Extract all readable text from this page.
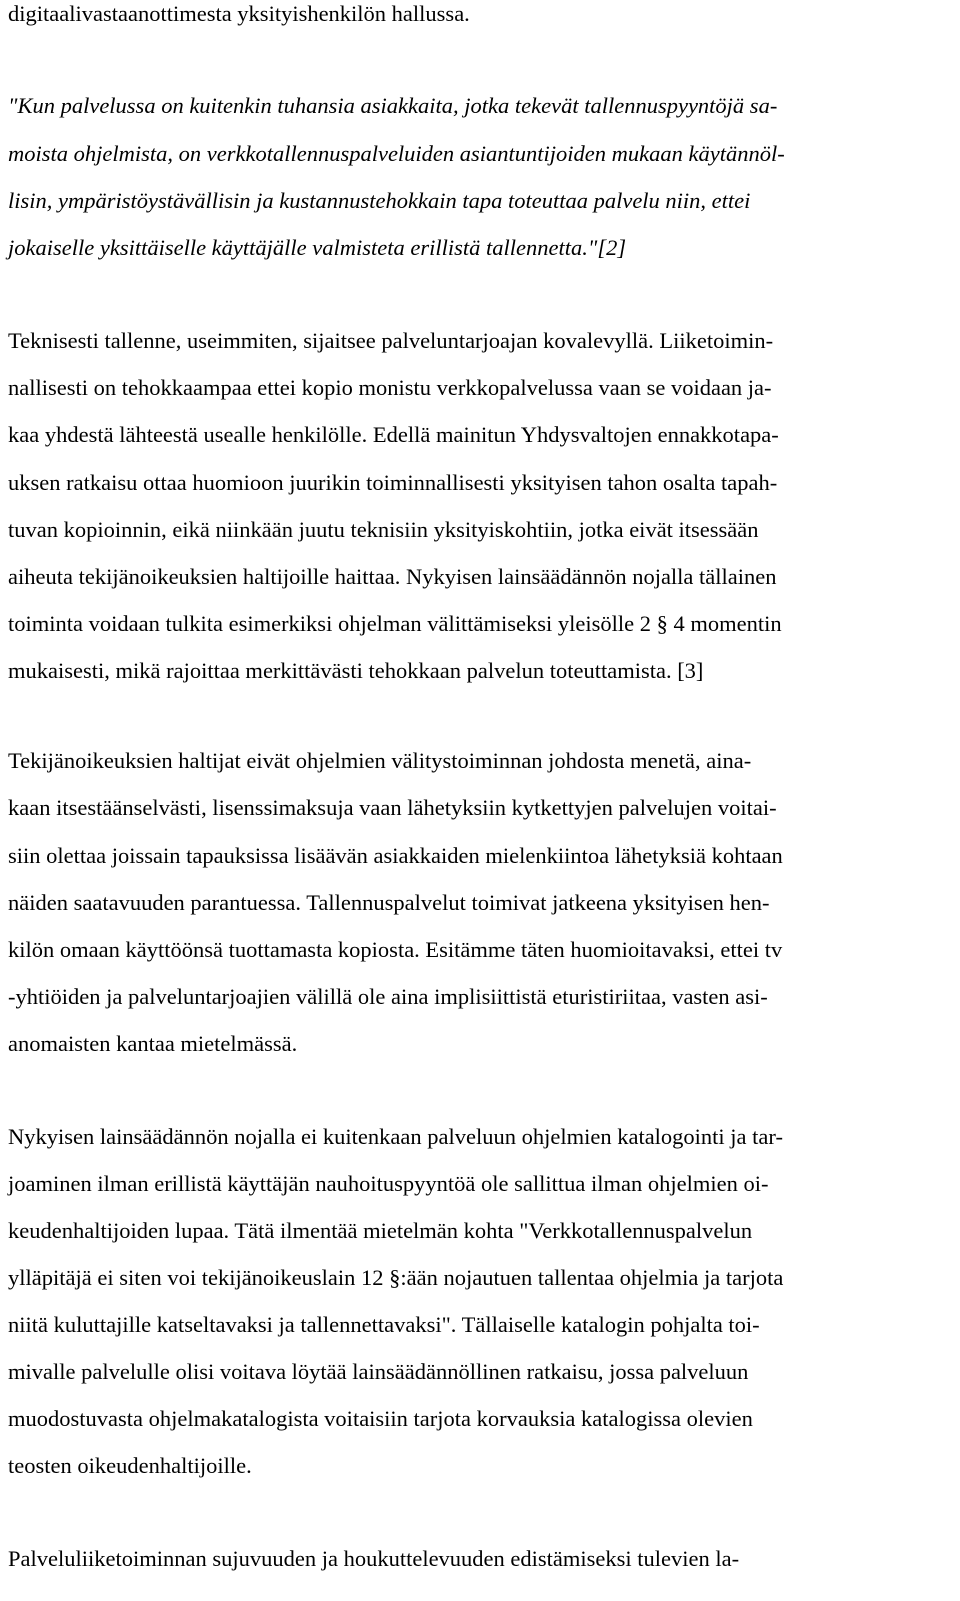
digitaalivastaanottimesta yksityishenkilön hallussa.
"Kun palvelussa on kuitenkin tuhansia asiakkaita, jotka tekevät tallennuspyyntöjä sa-
moista ohjelmista, on verkkotallennuspalveluiden asiantuntijoiden mukaan käytännöl-
lisin, ympäristöystävällisin ja kustannustehokkain tapa toteuttaa palvelu niin, ettei
jokaiselle yksittäiselle käyttäjälle valmisteta erillistä tallennetta."[2]
Teknisesti tallenne, useimmiten, sijaitsee palveluntarjoajan kovalevyllä. Liiketoimin-
nallisesti on tehokkaampaa ettei kopio monistu verkkopalvelussa vaan se voidaan ja-
kaa yhdestä lähteestä usealle henkilölle. Edellä mainitun Yhdysvaltojen ennakkotapa-
uksen ratkaisu ottaa huomioon juurikin toiminnallisesti yksityisen tahon osalta tapah-
tuvan kopioinnin, eikä niinkään juutu teknisiin yksityiskohtiin, jotka eivät itsessään
aiheuta tekijänoikeuksien haltijoille haittaa. Nykyisen lainsäädännön nojalla tällainen
toiminta voidaan tulkita esimerkiksi ohjelman välittämiseksi yleisölle 2 § 4 momentin
mukaisesti, mikä rajoittaa merkittävästi tehokkaan palvelun toteuttamista. [3]
Tekijänoikeuksien haltijat eivät ohjelmien välitystoiminnan johdosta menetä, aina-
kaan itsestäänselvästi, lisenssimaksuja vaan lähetyksiin kytkettyjen palvelujen voitai-
siin olettaa joissain tapauksissa lisäävän asiakkaiden mielenkiintoa lähetyksiä kohtaan
näiden saatavuuden parantuessa. Tallennuspalvelut toimivat jatkeena yksityisen hen-
kilön omaan käyttöönsä tuottamasta kopiosta. Esitämme täten huomioitavaksi, ettei tv
-yhtiöiden ja palveluntarjoajien välillä ole aina implisiittistä eturistiriitaa, vasten asi-
anomaisten kantaa mietelmässä.
Nykyisen lainsäädännön nojalla ei kuitenkaan palveluun ohjelmien katalogointi ja tar-
joaminen ilman erillistä käyttäjän nauhoituspyyntöä ole sallittua ilman ohjelmien oi-
keudenhaltijoiden lupaa. Tätä ilmentää mietelmän kohta "Verkkotallennuspalvelun
ylläpitäjä ei siten voi tekijänoikeuslain 12 §:ään nojautuen tallentaa ohjelmia ja tarjota
niitä kuluttajille katseltavaksi ja tallennettavaksi". Tällaiselle katalogin pohjalta toi-
mivalle palvelulle olisi voitava löytää lainsäädännöllinen ratkaisu, jossa palveluun
muodostuvasta ohjelmakatalogista voitaisiin tarjota korvauksia katalogissa olevien
teosten oikeudenhaltijoille.
Palveluliiketoiminnan sujuvuuden ja houkuttelevuuden edistämiseksi tulevien la-
